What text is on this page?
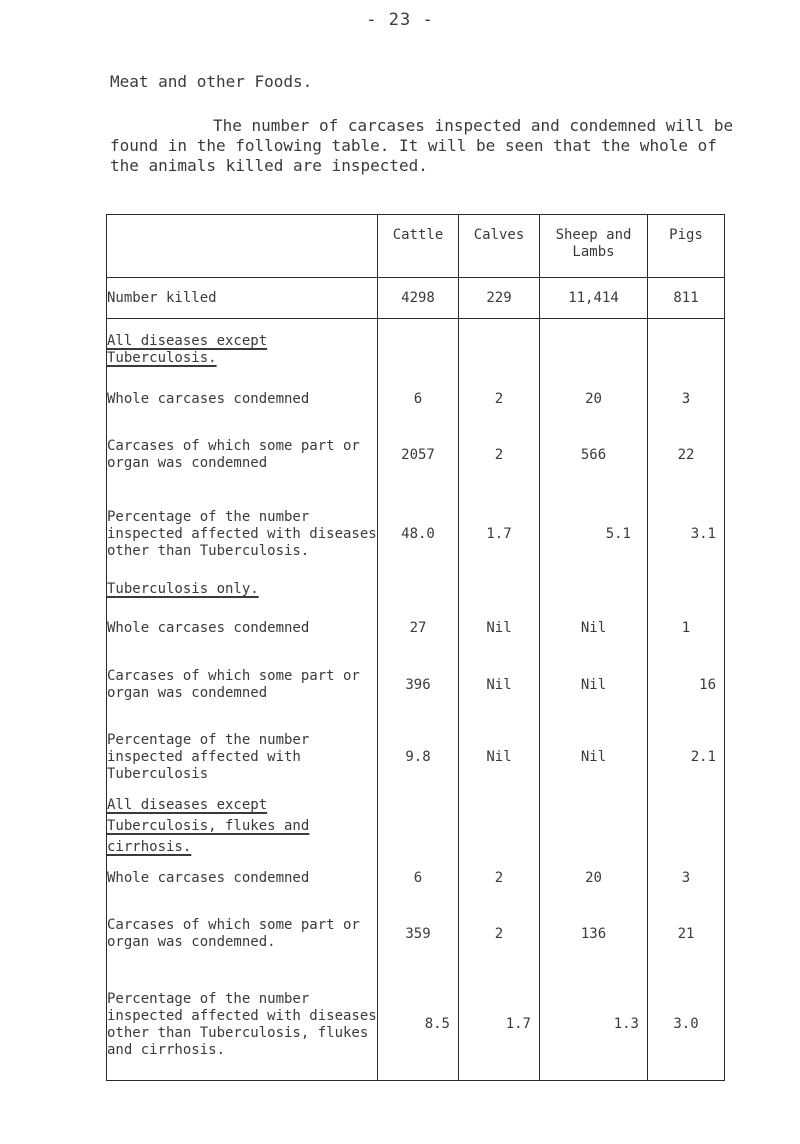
- 23 -
Meat and other Foods.
The number of carcases inspected and condemned will be found in the following table. It will be seen that the whole of the animals killed are inspected.
	Cattle	Calves	Sheep and Lambs	Pigs
Number killed	4298	229	11,414	811
All diseases except Tuberculosis.				
Whole carcases condemned	6	2	20	3
Carcases of which some part or organ was condemned	2057	2	566	22
Percentage of the number inspected affected with diseases other than Tuberculosis.	48.0	1.7	5.1	3.1
Tuberculosis only.				
Whole carcases condemned	27	Nil	Nil	1
Carcases of which some part or organ was condemned	396	Nil	Nil	16
Percentage of the number inspected affected with Tuberculosis	9.8	Nil	Nil	2.1
All diseases except Tuberculosis, flukes and cirrhosis.				
Whole carcases condemned	6	2	20	3
Carcases of which some part or organ was condemned.	359	2	136	21
Percentage of the number inspected affected with diseases other than Tuberculosis, flukes and cirrhosis.	8.5	1.7	1.3	3.0
